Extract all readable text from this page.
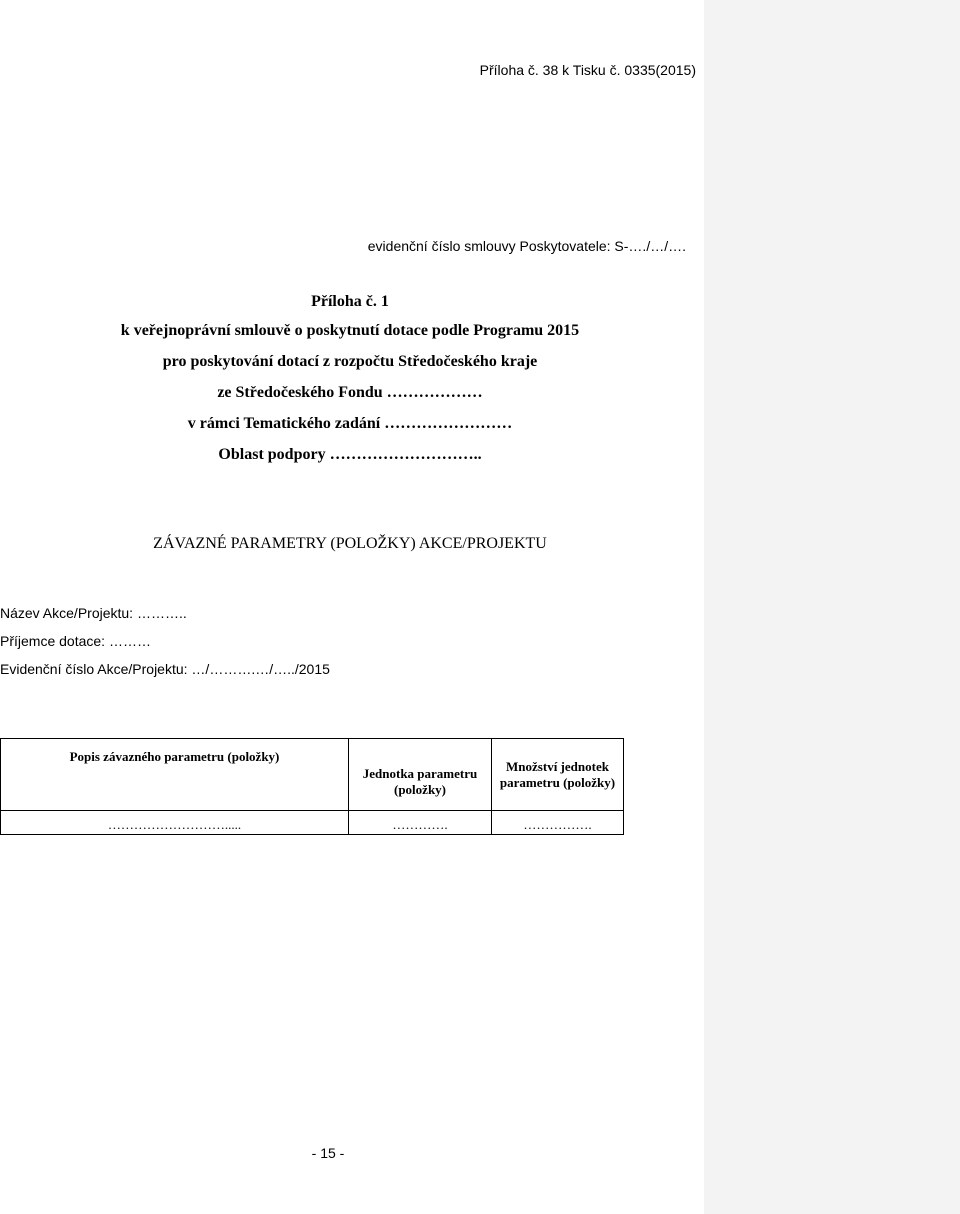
Příloha č. 38 k Tisku č. 0335(2015)
evidenční číslo smlouvy Poskytovatele: S-…./…/….
Příloha č. 1
k veřejnoprávní smlouvě o poskytnutí dotace podle Programu 2015
pro poskytování dotací z rozpočtu Středočeského kraje
ze Středočeského Fondu ………………
v rámci Tematického zadání ……………………
Oblast podpory ………………………..
ZÁVAZNÉ PARAMETRY (POLOŽKY) AKCE/PROJEKTU
Název Akce/Projektu: ………..
Příjemce dotace: ………
Evidenční číslo Akce/Projektu: …/……….…/…../2015
Popis závazného parametru (položky)	Jednotka parametru (položky)	Množství jednotek parametru (položky)
……………………….....	………….	…………….
- 15 -
